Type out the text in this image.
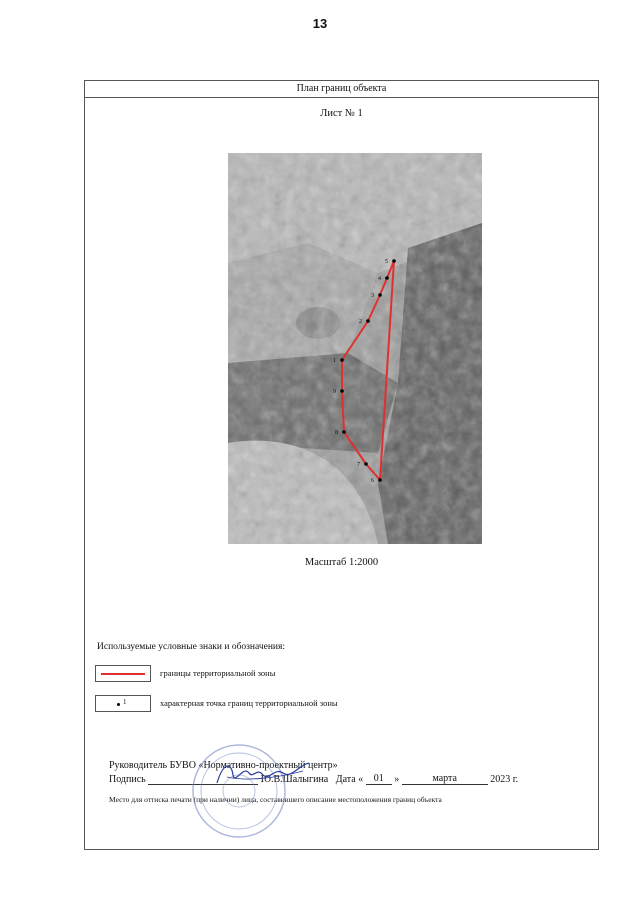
13
План границ объекта
Лист № 1
1
2
3
4
5
6
7
8
9
Масштаб 1:2000
Используемые условные знаки и обозначения:
границы территориальной зоны
1	характерная точка границ территориальной зоны
Руководитель БУВО «Нормативно-проектный центр»
Подпись	Ю.В.Шалыгина Дата « 01 »	марта	2023 г.
Место для оттиска печати (при наличии) лица, составившего описание местоположения границ объекта
